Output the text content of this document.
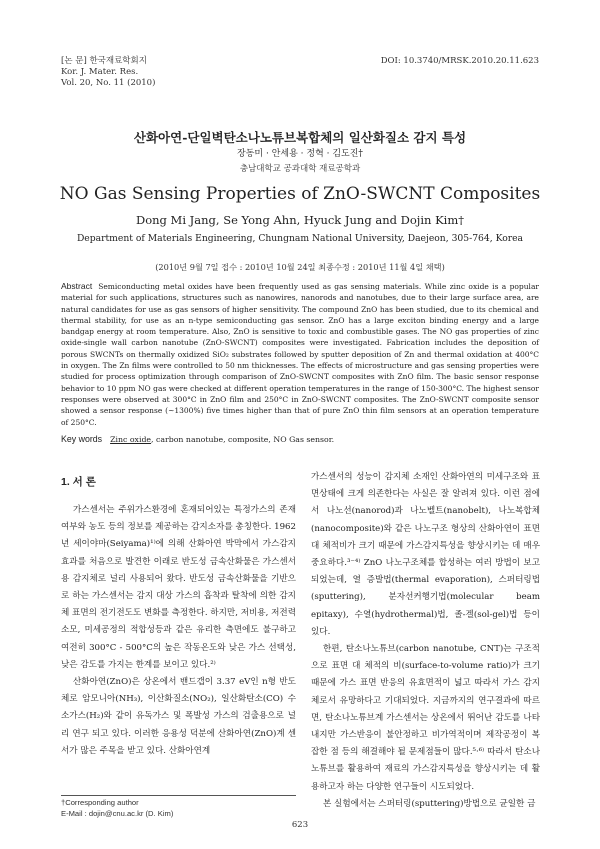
[논 문] 한국재료학회지
Kor. J. Mater. Res.
Vol. 20, No. 11 (2010)
DOI: 10.3740/MRSK.2010.20.11.623
산화아연-단일벽탄소나노튜브복합체의 일산화질소 감지 특성
장동미 · 안세용 · 정혁 · 김도진†
충남대학교 공과대학 재료공학과
NO Gas Sensing Properties of ZnO-SWCNT Composites
Dong Mi Jang, Se Yong Ahn, Hyuck Jung and Dojin Kim†
Department of Materials Engineering, Chungnam National University, Daejeon, 305-764, Korea
(2010년 9월 7일 접수 : 2010년 10월 24일 최종수정 : 2010년 11월 4일 채택)
Abstract Semiconducting metal oxides have been frequently used as gas sensing materials. While zinc oxide is a popular material for such applications, structures such as nanowires, nanorods and nanotubes, due to their large surface area, are natural candidates for use as gas sensors of higher sensitivity. The compound ZnO has been studied, due to its chemical and thermal stability, for use as an n-type semiconducting gas sensor. ZnO has a large exciton binding energy and a large bandgap energy at room temperature. Also, ZnO is sensitive to toxic and combustible gases. The NO gas properties of zinc oxide-single wall carbon nanotube (ZnO-SWCNT) composites were investigated. Fabrication includes the deposition of porous SWCNTs on thermally oxidized SiO₂ substrates followed by sputter deposition of Zn and thermal oxidation at 400°C in oxygen. The Zn films were controlled to 50 nm thicknesses. The effects of microstructure and gas sensing properties were studied for process optimization through comparison of ZnO-SWCNT composites with ZnO film. The basic sensor response behavior to 10 ppm NO gas were checked at different operation temperatures in the range of 150-300°C. The highest sensor responses were observed at 300°C in ZnO film and 250°C in ZnO-SWCNT composites. The ZnO-SWCNT composite sensor showed a sensor response (~1300%) five times higher than that of pure ZnO thin film sensors at an operation temperature of 250°C.
Key words Zinc oxide, carbon nanotube, composite, NO Gas sensor.
1. 서 론

가스센서는 주위가스환경에 혼재되어있는 특정가스의 존재여부와 농도 등의 정보를 제공하는 감지소자를 총칭한다. 1962년 세이야마(Seiyama)¹⁾에 의해 산화아연 박막에서 가스감지 효과를 처음으로 발견한 이래로 반도성 금속산화물은 가스센서용 감지체로 널리 사용되어 왔다. 반도성 금속산화물을 기반으로 하는 가스센서는 감지 대상 가스의 흡착과 탈착에 의한 감지체 표면의 전기전도도 변화를 측정한다. 하지만, 저비용, 저전력 소모, 미세공정의 적합성등과 같은 유리한 측면에도 불구하고 여전히 300°C - 500°C의 높은 작동온도와 낮은 가스 선택성, 낮은 감도를 가지는 한계를 보이고 있다.²⁾

산화아연(ZnO)은 상온에서 밴드갭이 3.37 eV인 n형 반도체로 암모니아(NH₃), 이산화질소(NO₂), 일산화탄소(CO) 수소가스(H₂)와 같이 유독가스 및 폭발성 가스의 검출용으로 널리 연구 되고 있다. 이러한 응용성 덕분에 산화아연(ZnO)계 센서가 많은 주목을 받고 있다. 산화아연계

가스센서의 성능이 감지체 소재인 산화아연의 미세구조와 표면상태에 크게 의존한다는 사실은 잘 알려져 있다. 이런 점에서 나노선(nanorod)과 나노벨트(nanobelt), 나노복합체(nanocomposite)와 같은 나노구조 형상의 산화아연이 표면 대 체적비가 크기 때문에 가스감지특성을 향상시키는 데 매우 중요하다.³⁻⁴⁾ ZnO 나노구조체를 합성하는 여러 방법이 보고되었는데, 열 증발법(thermal evaporation), 스퍼터링법(sputtering), 분자선커행기법(molecular beam epitaxy), 수열(hydrothermal)법, 졸-겔(sol-gel)법 등이 있다.

한편, 탄소나노튜브(carbon nanotube, CNT)는 구조적으로 표면 대 체적의 비(surface-to-volume ratio)가 크기 때문에 가스 표면 반응의 유효면적이 넓고 따라서 가스 감지체로서 유망하다고 기대되었다. 지금까지의 연구결과에 따르면, 탄소나노튜브계 가스센서는 상온에서 뛰어난 감도를 나타내지만 가스반응이 불안정하고 비가역적이며 제작공정이 복잡한 점 등의 해결해야 될 문제점들이 많다.⁵·⁶⁾ 따라서 탄소나노튜브를 활용하여 재료의 가스감지특성을 향상시키는 데 활용하고자 하는 다양한 연구들이 시도되었다.

본 실험에서는 스퍼터링(sputtering)방법으로 균일한 금

†Corresponding author
E-Mail : dojin@cnu.ac.kr (D. Kim)
623
